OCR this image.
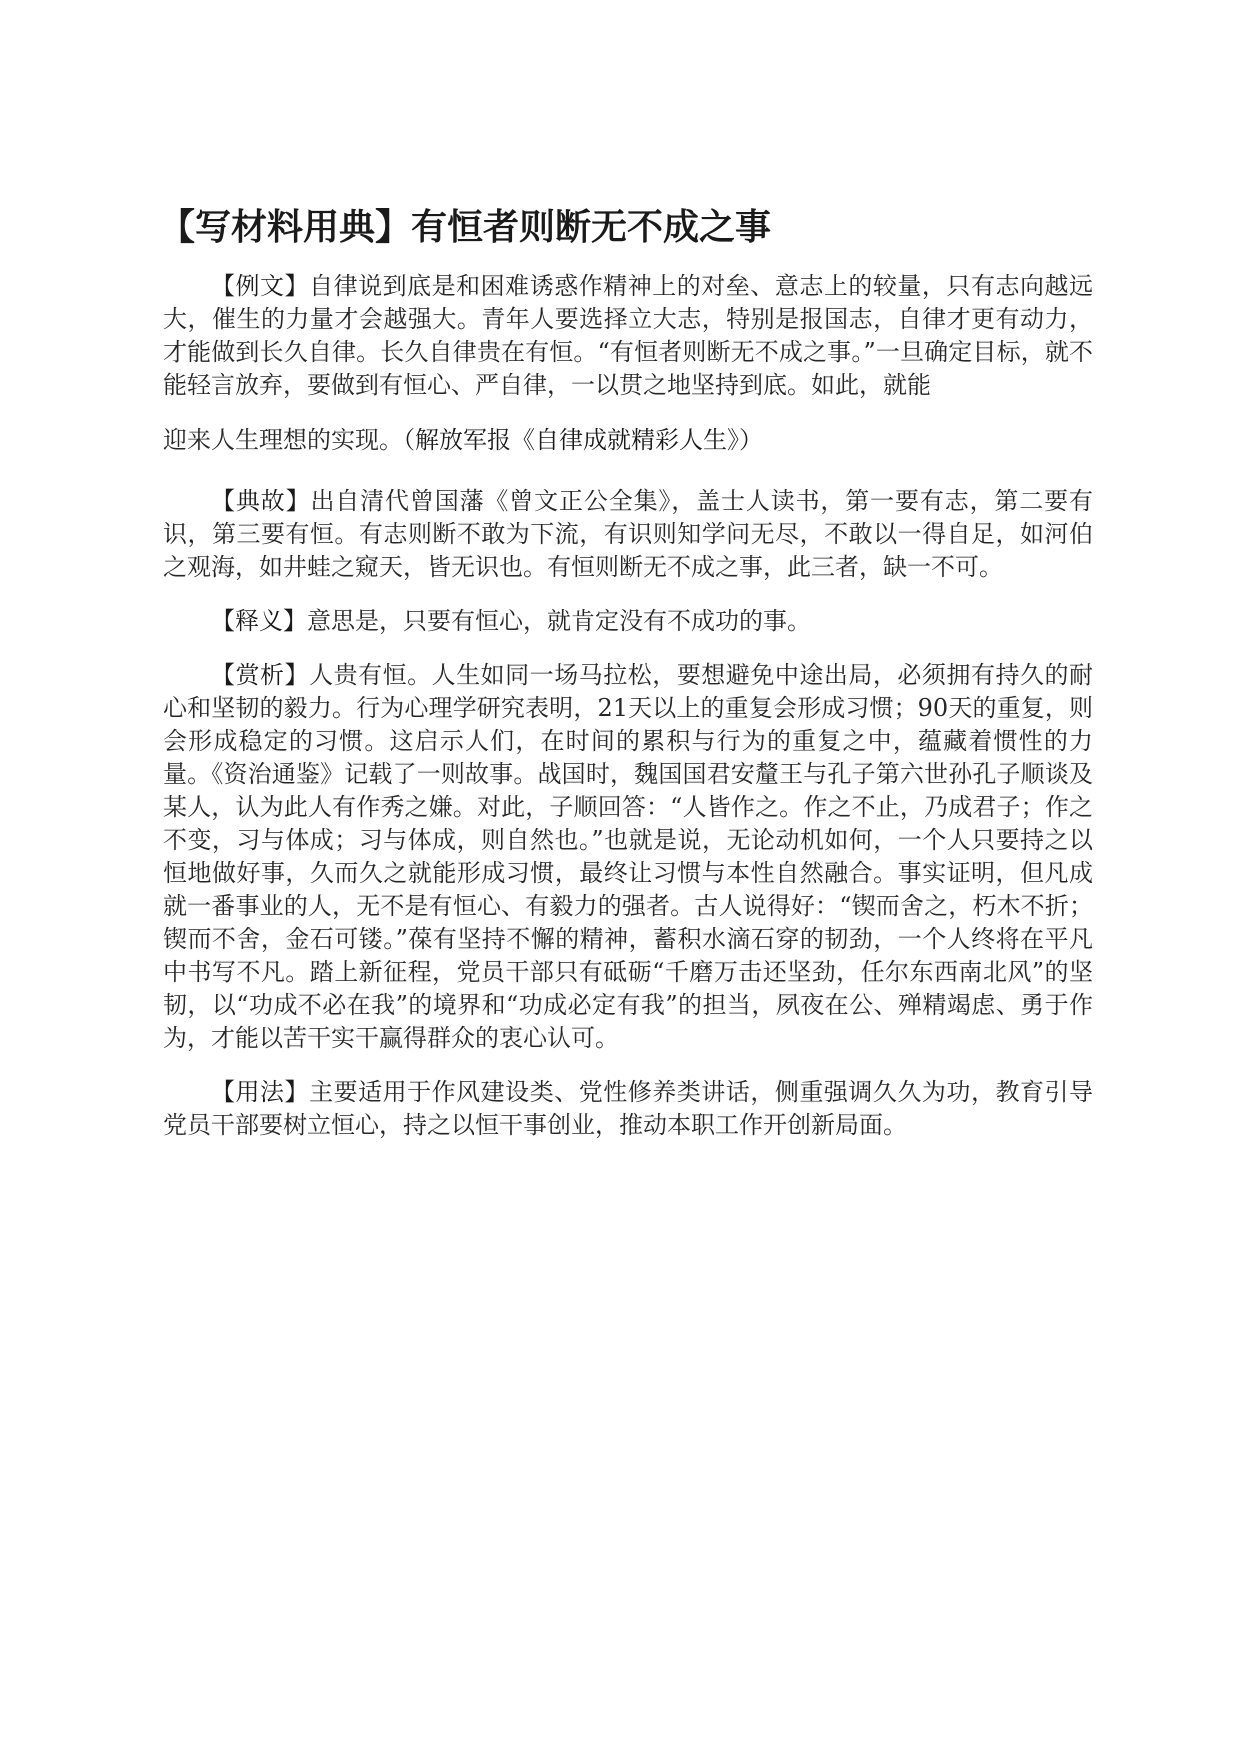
【写材料用典】有恒者则断无不成之事

【例文】自律说到底是和困难诱惑作精神上的对垒、意志上的较量，只有志向越远大，催生的力量才会越强大。青年人要选择立大志，特别是报国志，自律才更有动力，才能做到长久自律。长久自律贵在有恒。“有恒者则断无不成之事。”一旦确定目标，就不能轻言放弃，要做到有恒心、严自律，一以贯之地坚持到底。如此，就能
迎来人生理想的实现。（解放军报《自律成就精彩人生》）

【典故】出自清代曾国藩《曾文正公全集》，盖士人读书，第一要有志，第二要有识，第三要有恒。有志则断不敢为下流，有识则知学问无尽，不敢以一得自足，如河伯之观海，如井蛙之窥天，皆无识也。有恒则断无不成之事，此三者，缺一不可。

【释义】意思是，只要有恒心，就肯定没有不成功的事。

【赏析】人贵有恒。人生如同一场马拉松，要想避免中途出局，必须拥有持久的耐心和坚韧的毅力。行为心理学研究表明，21天以上的重复会形成习惯；90天的重复，则会形成稳定的习惯。这启示人们，在时间的累积与行为的重复之中，蕴藏着惯性的力量。《资治通鉴》记载了一则故事。战国时，魏国国君安釐王与孔子第六世孙孔子顺谈及某人，认为此人有作秀之嫌。对此，子顺回答：“人皆作之。作之不止，乃成君子；作之不变，习与体成；习与体成，则自然也。”也就是说，无论动机如何，一个人只要持之以恒地做好事，久而久之就能形成习惯，最终让习惯与本性自然融合。事实证明，但凡成就一番事业的人，无不是有恒心、有毅力的强者。古人说得好：“锲而舍之，朽木不折；锲而不舍，金石可镂。”葆有坚持不懈的精神，蓄积水滴石穿的韧劲，一个人终将在平凡中书写不凡。踏上新征程，党员干部只有砥砺“千磨万击还坚劲，任尔东西南北风”的坚韧，以“功成不必在我”的境界和“功成必定有我”的担当，夙夜在公、殚精竭虑、勇于作为，才能以苦干实干赢得群众的衷心认可。

【用法】主要适用于作风建设类、党性修养类讲话，侧重强调久久为功，教育引导党员干部要树立恒心，持之以恒干事创业，推动本职工作开创新局面。
